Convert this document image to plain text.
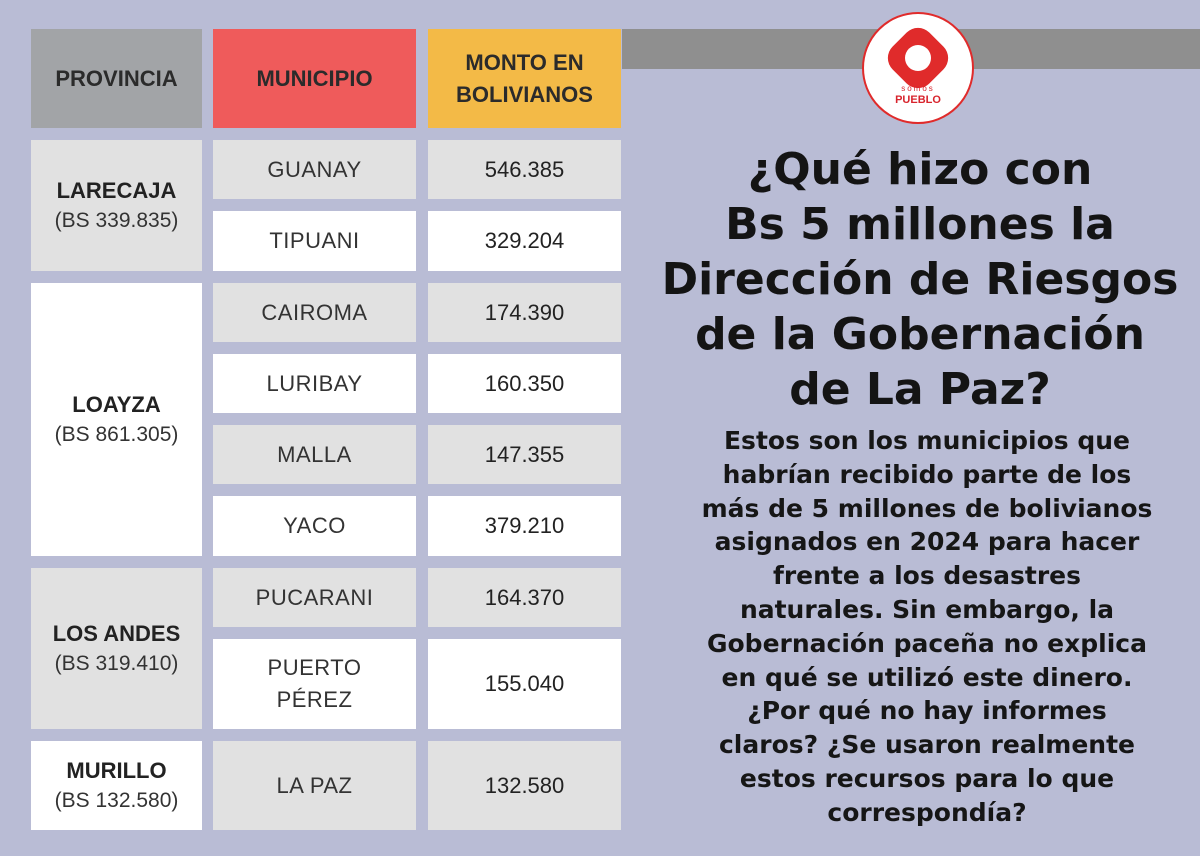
somos
PUEBLO
PROVINCIA	MUNICIPIO
MONTO EN
BOLIVIANOS
LARECAJA
(BS 339.835)
LOAYZA
(BS 861.305)
LOS ANDES
(BS 319.410)
MURILLO
(BS 132.580)
GUANAY
TIPUANI
CAIROMA
LURIBAY
MALLA
YACO
PUCARANI
PUERTO
PÉREZ
LA PAZ
546.385
329.204
174.390
160.350
147.355
379.210
164.370
155.040
132.580
¿Qué hizo con
Bs 5 millones la
Dirección de Riesgos
de la Gobernación
de La Paz?
Estos son los municipios que
habrían recibido parte de los
más de 5 millones de bolivianos
asignados en 2024 para hacer
frente a los desastres
naturales. Sin embargo, la
Gobernación paceña no explica
en qué se utilizó este dinero.
¿Por qué no hay informes
claros? ¿Se usaron realmente
estos recursos para lo que
correspondía?
